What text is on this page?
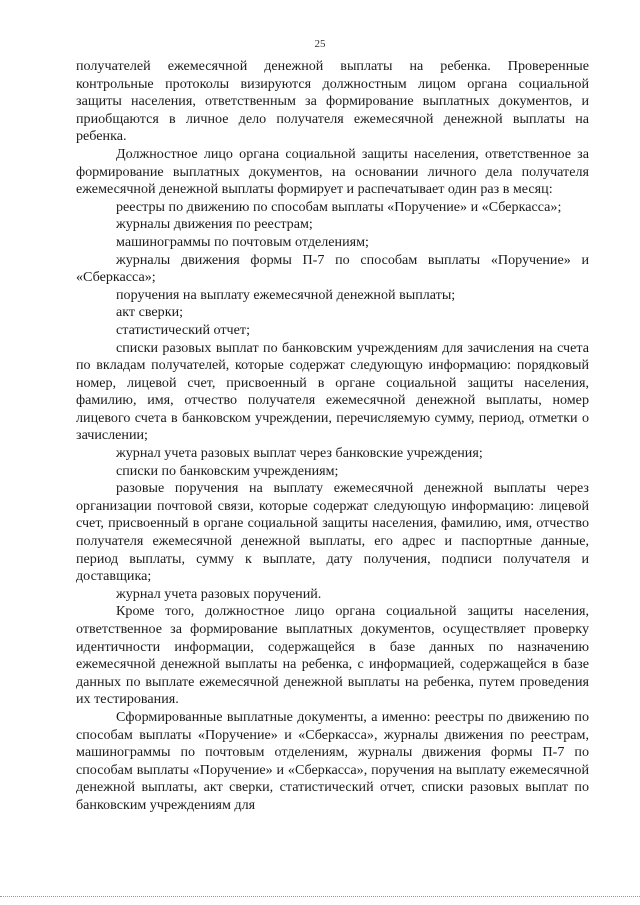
25

получателей ежемесячной денежной выплаты на ребенка. Проверенные контрольные протоколы визируются должностным лицом органа социальной защиты населения, ответственным за формирование выплатных документов, и приобщаются в личное дело получателя ежемесячной денежной выплаты на ребенка.

Должностное лицо органа социальной защиты населения, ответственное за формирование выплатных документов, на основании личного дела получателя ежемесячной денежной выплаты формирует и распечатывает один раз в месяц:

реестры по движению по способам выплаты «Поручение» и «Сберкасса»;

журналы движения по реестрам;

машинограммы по почтовым отделениям;

журналы движения формы П-7 по способам выплаты «Поручение» и «Сберкасса»;

поручения на выплату ежемесячной денежной выплаты;

акт сверки;

статистический отчет;

списки разовых выплат по банковским учреждениям для зачисления на счета по вкладам получателей, которые содержат следующую информацию: порядковый номер, лицевой счет, присвоенный в органе социальной защиты населения, фамилию, имя, отчество получателя ежемесячной денежной выплаты, номер лицевого счета в банковском учреждении, перечисляемую сумму, период, отметки о зачислении;

журнал учета разовых выплат через банковские учреждения;

списки по банковским учреждениям;

разовые поручения на выплату ежемесячной денежной выплаты через организации почтовой связи, которые содержат следующую информацию: лицевой счет, присвоенный в органе социальной защиты населения, фамилию, имя, отчество получателя ежемесячной денежной выплаты, его адрес и паспортные данные, период выплаты, сумму к выплате, дату получения, подписи получателя и доставщика;

журнал учета разовых поручений.

Кроме того, должностное лицо органа социальной защиты населения, ответственное за формирование выплатных документов, осуществляет проверку идентичности информации, содержащейся в базе данных по назначению ежемесячной денежной выплаты на ребенка, с информацией, содержащейся в базе данных по выплате ежемесячной денежной выплаты на ребенка, путем проведения их тестирования.

Сформированные выплатные документы, а именно: реестры по движению по способам выплаты «Поручение» и «Сберкасса», журналы движения по реестрам, машинограммы по почтовым отделениям, журналы движения формы П-7 по способам выплаты «Поручение» и «Сберкасса», поручения на выплату ежемесячной денежной выплаты, акт сверки, статистический отчет, списки разовых выплат по банковским учреждениям для
